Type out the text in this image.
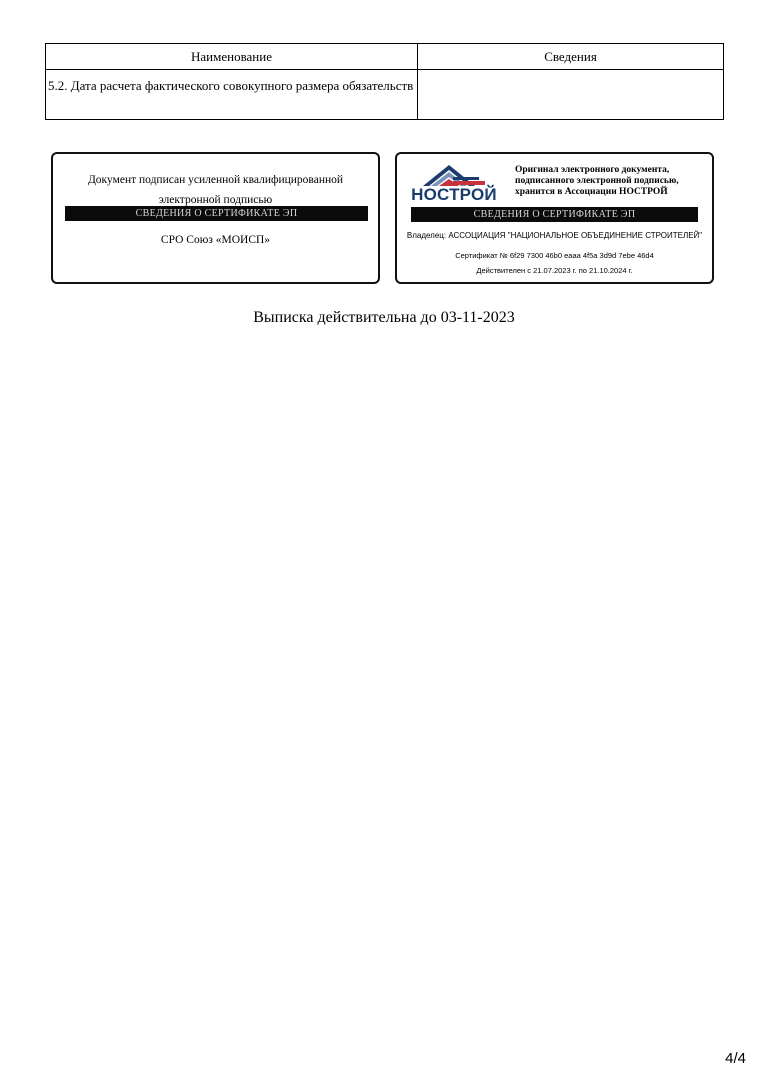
Наименование	Сведения
5.2. Дата расчета фактического совокупного размера обязательств	
Документ подписан усиленной квалифицированной электронной подписью
СВЕДЕНИЯ О СЕРТИФИКАТЕ ЭП
СРО Союз «МОИСП»
НОСТРОЙ
Оригинал электронного документа, подписанного электронной подписью, хранится в Ассоциации НОСТРОЙ
СВЕДЕНИЯ О СЕРТИФИКАТЕ ЭП
Владелец: АССОЦИАЦИЯ "НАЦИОНАЛЬНОЕ ОБЪЕДИНЕНИЕ СТРОИТЕЛЕЙ"
Сертификат № 6f29 7300 46b0 eaaa 4f5a 3d9d 7ebe 46d4
Действителен с 21.07.2023 г. по 21.10.2024 г.
Выписка действительна до 03-11-2023
4/4
